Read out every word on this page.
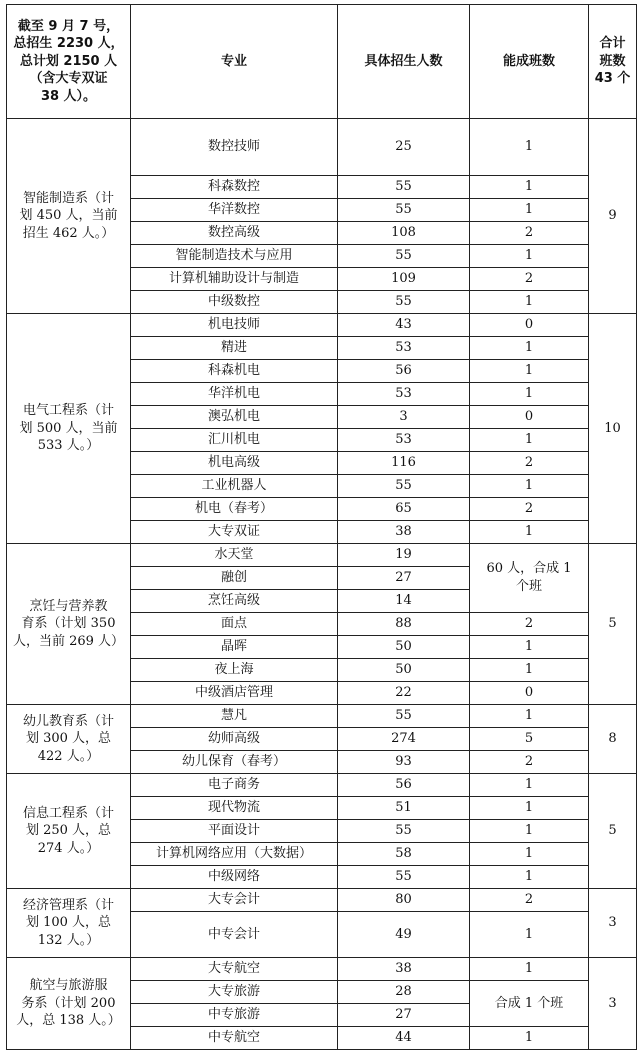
截至 9 月 7 号，
总招生 2230 人，
总计划 2150 人
（含大专双证
38 人）。	专业	具体招生人数	能成班数	合计
班数
43 个
智能制造系（计
划 450 人，当前
招生 462 人。）	数控技师	25	1	9
	科森数控	55	1	
	华洋数控	55	1	
	数控高级	108	2	
	智能制造技术与应用	55	1	
	计算机辅助设计与制造	109	2	
	中级数控	55	1	
电气工程系（计
划 500 人，当前
533 人。）	机电技师	43	0	10
	精进	53	1	
	科森机电	56	1	
	华洋机电	53	1	
	澳弘机电	3	0	
	汇川机电	53	1	
	机电高级	116	2	
	工业机器人	55	1	
	机电（春考）	65	2	
	大专双证	38	1	
烹饪与营养教
育系（计划 350
人，当前 269 人）	水天堂	19	60 人，合成 1
个班	5
	融创	27		
	烹饪高级	14		
	面点	88	2	
	晶晖	50	1	
	夜上海	50	1	
	中级酒店管理	22	0	
幼儿教育系（计
划 300 人，总
422 人。）	慧凡	55	1	8
	幼师高级	274	5	
	幼儿保育（春考）	93	2	
信息工程系（计
划 250 人，总
274 人。）	电子商务	56	1	5
	现代物流	51	1	
	平面设计	55	1	
	计算机网络应用（大数据）	58	1	
	中级网络	55	1	
经济管理系（计
划 100 人，总
132 人。）	大专会计	80	2	3
	中专会计	49	1	
航空与旅游服
务系（计划 200
人，总 138 人。）	大专航空	38	1	3
	大专旅游	28	合成 1 个班	
	中专旅游	27		
	中专航空	44	1	
